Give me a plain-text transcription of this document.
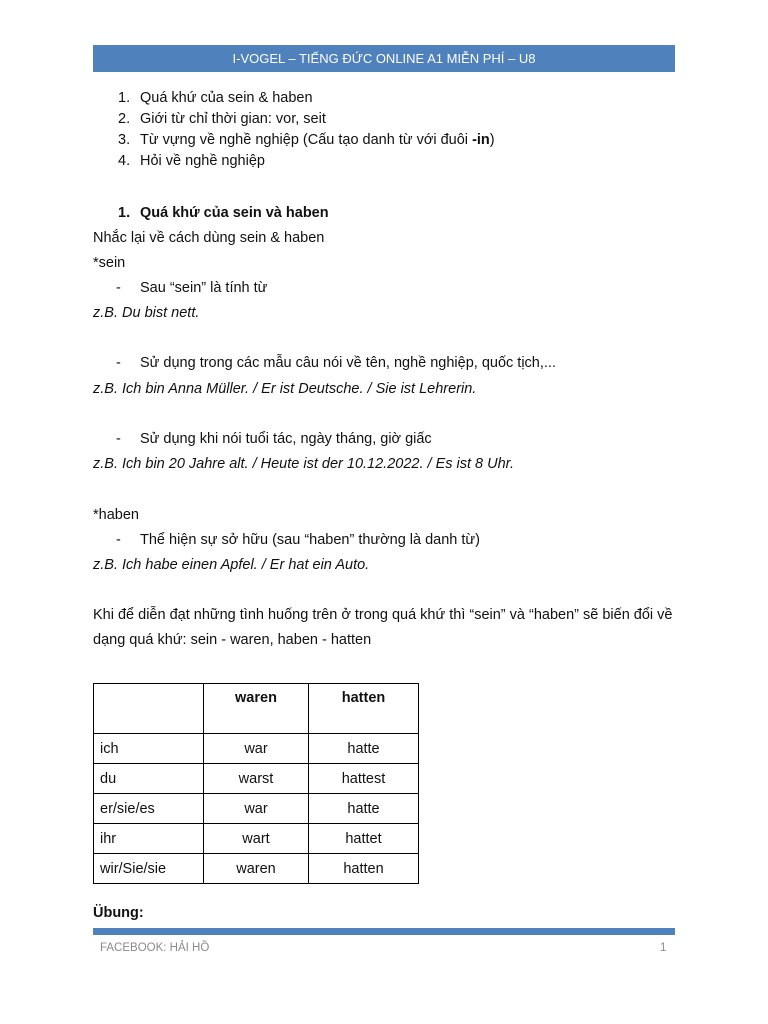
I-VOGEL – TIẾNG ĐỨC ONLINE A1 MIỄN PHÍ – U8
1. Quá khứ của sein & haben
2. Giới từ chỉ thời gian: vor, seit
3. Từ vựng về nghề nghiệp (Cấu tạo danh từ với đuôi -in)
4. Hỏi về nghề nghiệp
1. Quá khứ của sein và haben
Nhắc lại về cách dùng sein & haben
*sein
- Sau “sein” là tính từ
z.B. Du bist nett.
- Sử dụng trong các mẫu câu nói về tên, nghề nghiệp, quốc tịch,...
z.B. Ich bin Anna Müller. / Er ist Deutsche. / Sie ist Lehrerin.
- Sử dụng khi nói tuổi tác, ngày tháng, giờ giấc
z.B. Ich bin 20 Jahre alt. / Heute ist der 10.12.2022. / Es ist 8 Uhr.
*haben
- Thể hiện sự sở hữu (sau “haben” thường là danh từ)
z.B. Ich habe einen Apfel. / Er hat ein Auto.
Khi để diễn đạt những tình huống trên ở trong quá khứ thì “sein” và “haben” sẽ biến đổi về dạng quá khứ: sein - waren, haben - hatten
	waren	hatten
ich	war	hatte
du	warst	hattest
er/sie/es	war	hatte
ihr	wart	hattet
wir/Sie/sie	waren	hatten
Übung:
FACEBOOK: HẢI HỒ	1
